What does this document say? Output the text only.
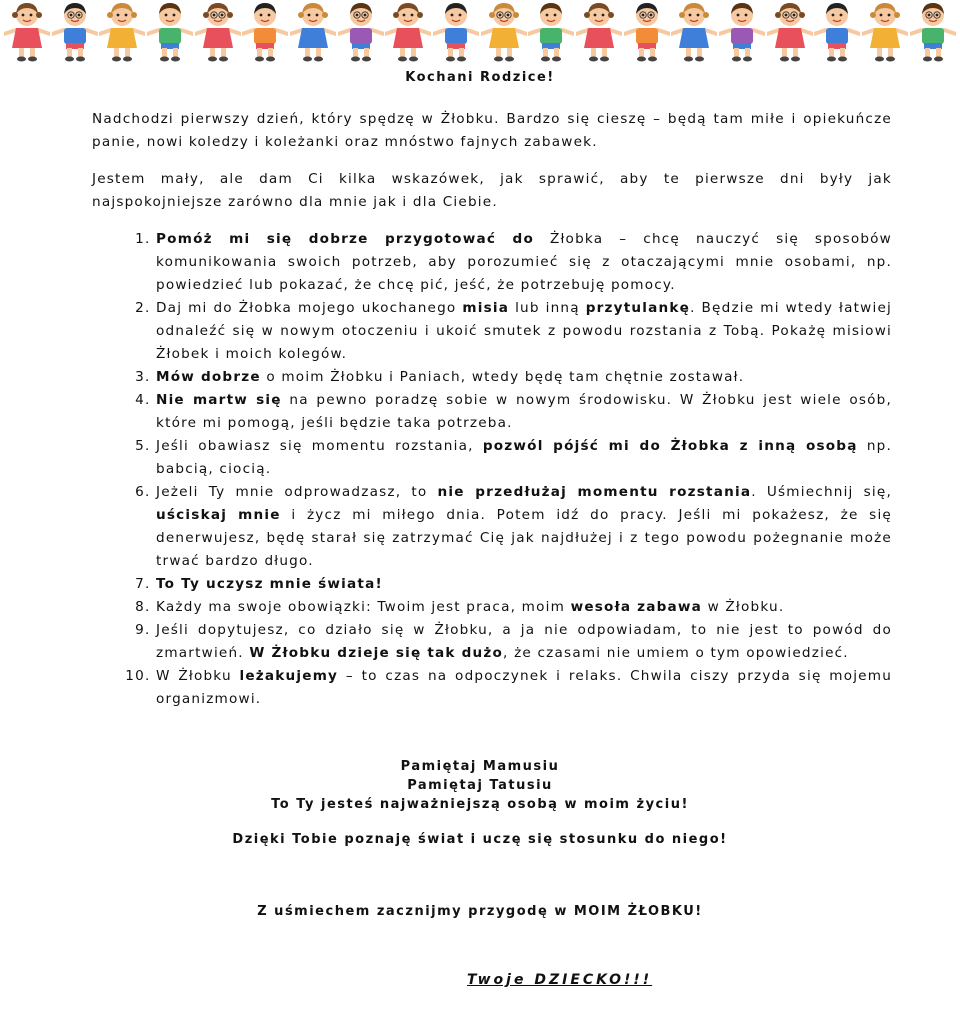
Kochani Rodzice!

Nadchodzi pierwszy dzień, który spędzę w Żłobku. Bardzo się cieszę – będą tam miłe i opiekuńcze panie, nowi koledzy i koleżanki oraz mnóstwo fajnych zabawek.

Jestem mały, ale dam Ci kilka wskazówek, jak sprawić, aby te pierwsze dni były jak najspokojniejsze zarówno dla mnie jak i dla Ciebie.

1. Pomóż mi się dobrze przygotować do Żłobka – chcę nauczyć się sposobów komunikowania swoich potrzeb, aby porozumieć się z otaczającymi mnie osobami, np. powiedzieć lub pokazać, że chcę pić, jeść, że potrzebuję pomocy.
2. Daj mi do Żłobka mojego ukochanego misia lub inną przytulankę. Będzie mi wtedy łatwiej odnaleźć się w nowym otoczeniu i ukoić smutek z powodu rozstania z Tobą. Pokażę misiowi Żłobek i moich kolegów.
3. Mów dobrze o moim Żłobku i Paniach, wtedy będę tam chętnie zostawał.
4. Nie martw się na pewno poradzę sobie w nowym środowisku. W Żłobku jest wiele osób, które mi pomogą, jeśli będzie taka potrzeba.
5. Jeśli obawiasz się momentu rozstania, pozwól pójść mi do Żłobka z inną osobą np. babcią, ciocią.
6. Jeżeli Ty mnie odprowadzasz, to nie przedłużaj momentu rozstania. Uśmiechnij się, uściskaj mnie i życz mi miłego dnia. Potem idź do pracy. Jeśli mi pokażesz, że się denerwujesz, będę starał się zatrzymać Cię jak najdłużej i z tego powodu pożegnanie może trwać bardzo długo.
7. To Ty uczysz mnie świata!
8. Każdy ma swoje obowiązki: Twoim jest praca, moim wesoła zabawa w Żłobku.
9. Jeśli dopytujesz, co działo się w Żłobku, a ja nie odpowiadam, to nie jest to powód do zmartwień. W Żłobku dzieje się tak dużo, że czasami nie umiem o tym opowiedzieć.
10. W Żłobku leżakujemy – to czas na odpoczynek i relaks. Chwila ciszy przyda się mojemu organizmowi.
Pamiętaj Mamusiu
Pamiętaj Tatusiu
To Ty jesteś najważniejszą osobą w moim życiu!
Dzięki Tobie poznaję świat i uczę się stosunku do niego!
Z uśmiechem zacznijmy przygodę w MOIM ŻŁOBKU!
Twoje DZIECKO!!!
